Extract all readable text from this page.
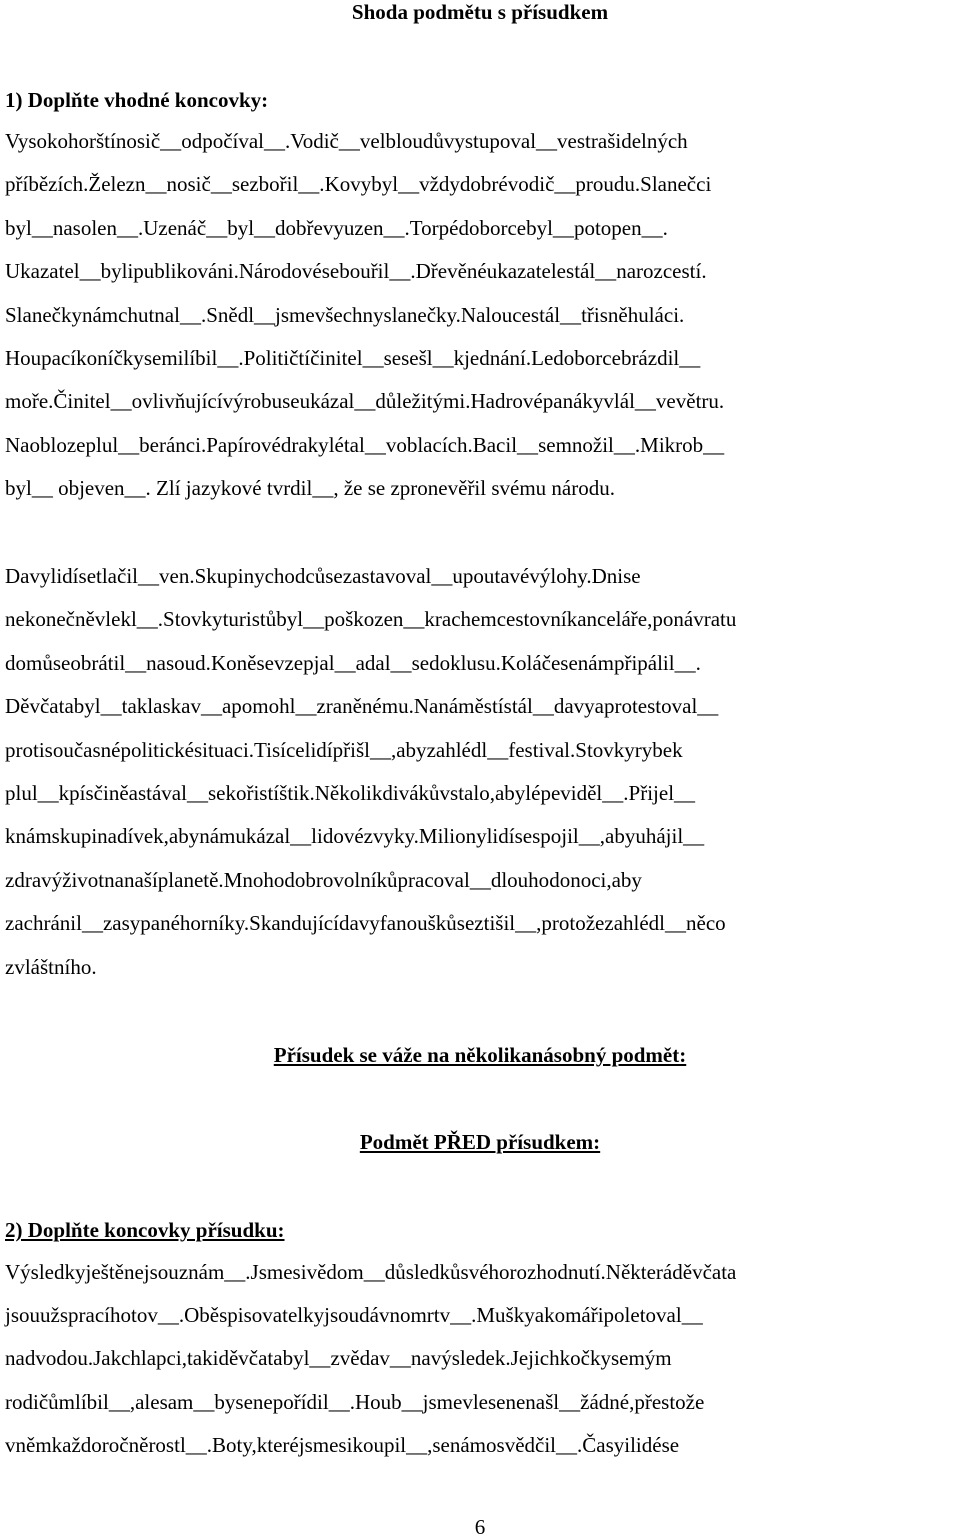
Shoda podmětu s přísudkem
1) Doplňte vhodné koncovky:
Vysokohorštínosič__odpočíval__.Vodič__velbloudůvystupoval__vestrašidelných
příbězích.Železn__nosič__sezbořil__.Kovybyl__vždydobrévodič__proudu.Slanečci
byl__nasolen__.Uzenáč__byl__dobřevyuzen__.Torpédoborcebyl__potopen__.
Ukazatel__bylipublikováni.Národovésebouřil__.Dřevěnéukazatelestál__narozcestí.
Slanečkynámchutnal__.Snědl__jsmevšechnyslanečky.Naloucestál__třisněhuláci.
Houpacíkoníčkysemilíbil__.Političtíčinitel__sesešl__kjednání.Ledoborcebrázdil__
moře.Činitel__ovlivňujícívýrobuseukázal__důležitými.Hadrovépanákyvlál__vevětru.
Naoblozeplul__beránci.Papírovédrakylétal__voblacích.Bacil__semnožil__.Mikrob__
byl__ objeven__. Zlí jazykové tvrdil__, že se zpronevěřil svému národu.
Davylidísetlačil__ven.Skupinychodcůsezastavoval__upoutavévýlohy.Dnise
nekonečněvlekl__.Stovkyturistůbyl__poškozen__krachemcestovníkanceláře,ponávratu
domůseobrátil__nasoud.Koněsevzepjal__adal__sedoklusu.Koláčesenámpřipálil__.
Děvčatabyl__taklaskav__apomohl__zraněnému.Nanáměstístál__davyaprotestoval__
protisoučasnépolitickésituaci.Tisícelidípřišl__,abyzahlédl__festival.Stovkyrybek
plul__kpísčiněastával__sekořistíštik.Několikdivákůvstalo,abylépeviděl__.Přijel__
knámskupinadívek,abynámukázal__lidovézvyky.Milionylidísespojil__,abyuhájil__
zdravýživotnanašíplanetě.Mnohodobrovolníkůpracoval__dlouhodonoci,aby
zachránil__zasypanéhorníky.Skandujícídavyfanouškůseztišil__,protožezahlédl__něco
zvláštního.
Přísudek se váže na několikanásobný podmět:
Podmět PŘED přísudkem:
2) Doplňte koncovky přísudku:
Výsledkyještěnejsouznám__.Jsmesivědom__důsledkůsvéhorozhodnutí.Některáděvčata
jsouužspracíhotov__.Oběspisovatelkyjsoudávnomrtv__.Muškyakomářipoletoval__
nadvodou.Jakchlapci,takiděvčatabyl__zvědav__navýsledek.Jejichkočkysemým
rodičůmlíbil__,alesam__bysenepořídil__.Houb__jsmevlesenenašl__žádné,přestože
vněmkaždoročněrostl__.Boty,kteréjsmesikoupil__,senámosvědčil__.Časyilidése
6
